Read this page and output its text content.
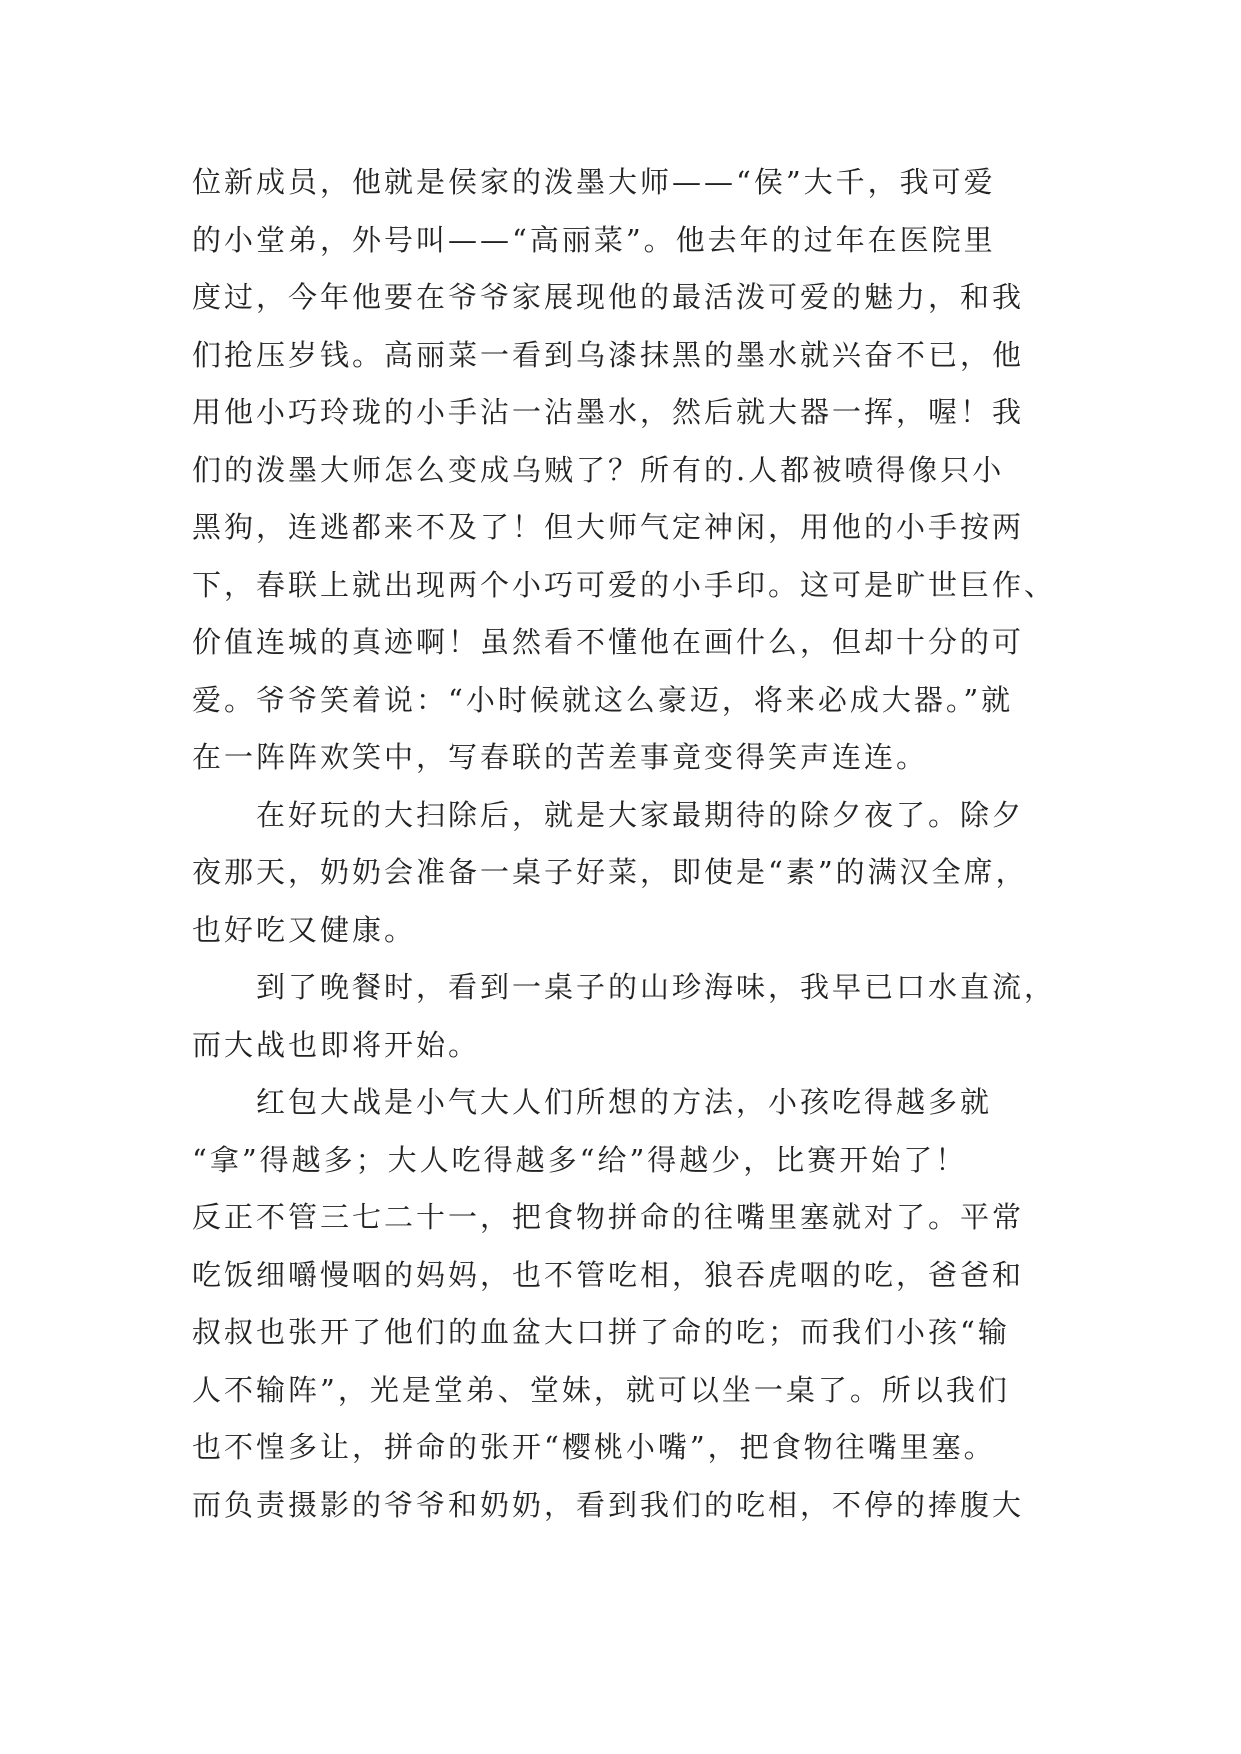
位新成员，他就是侯家的泼墨大师——“侯”大千，我可爱
的小堂弟，外号叫——“高丽菜”。他去年的过年在医院里
度过，今年他要在爷爷家展现他的最活泼可爱的魅力，和我
们抢压岁钱。高丽菜一看到乌漆抹黑的墨水就兴奋不已，他
用他小巧玲珑的小手沾一沾墨水，然后就大器一挥，喔！我
们的泼墨大师怎么变成乌贼了？所有的.人都被喷得像只小
黑狗，连逃都来不及了！但大师气定神闲，用他的小手按两
下，春联上就出现两个小巧可爱的小手印。这可是旷世巨作、
价值连城的真迹啊！虽然看不懂他在画什么，但却十分的可
爱。爷爷笑着说：“小时候就这么豪迈，将来必成大器。”就
在一阵阵欢笑中，写春联的苦差事竟变得笑声连连。
在好玩的大扫除后，就是大家最期待的除夕夜了。除夕
夜那天，奶奶会准备一桌子好菜，即使是“素”的满汉全席，
也好吃又健康。
到了晚餐时，看到一桌子的山珍海味，我早已口水直流，
而大战也即将开始。
红包大战是小气大人们所想的方法，小孩吃得越多就
“拿”得越多；大人吃得越多“给”得越少，比赛开始了！
反正不管三七二十一，把食物拼命的往嘴里塞就对了。平常
吃饭细嚼慢咽的妈妈，也不管吃相，狼吞虎咽的吃，爸爸和
叔叔也张开了他们的血盆大口拼了命的吃；而我们小孩“输
人不输阵”，光是堂弟、堂妹，就可以坐一桌了。所以我们
也不惶多让，拼命的张开“樱桃小嘴”，把食物往嘴里塞。
而负责摄影的爷爷和奶奶，看到我们的吃相，不停的捧腹大
